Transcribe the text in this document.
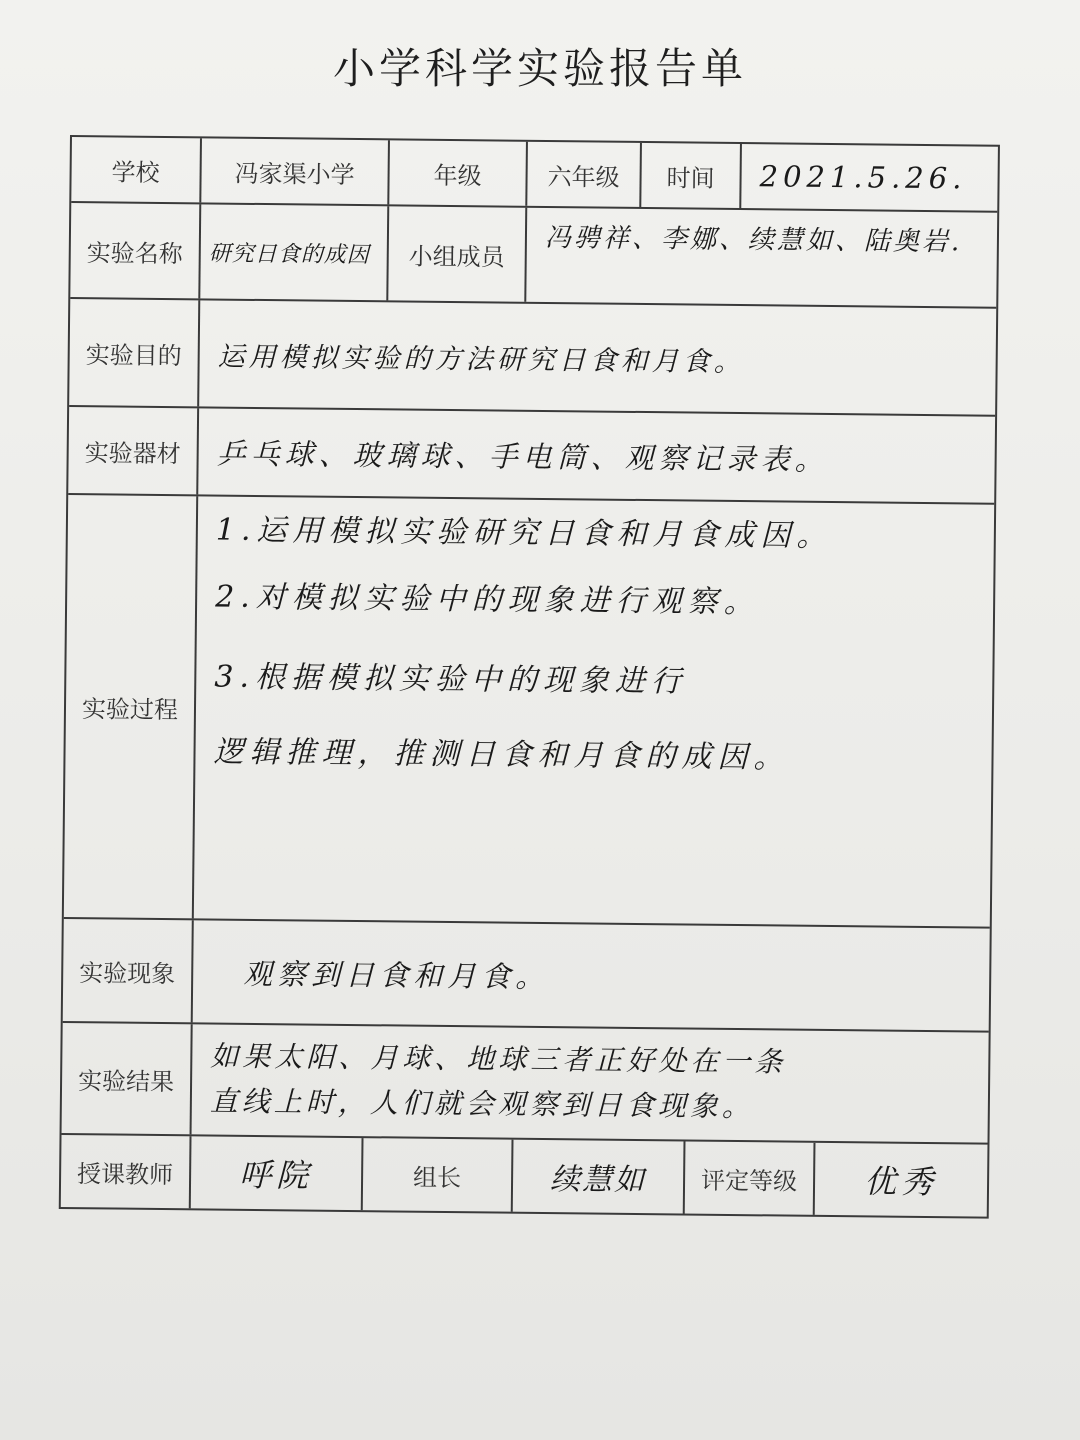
小学科学实验报告单
学校	冯家渠小学	年级	六年级	时间	2021.5.26.
实验名称	研究日食的成因	小组成员	冯骋祥、李娜、续慧如、陆奥岩.
实验目的	运用模拟实验的方法研究日食和月食。
实验器材	乒乓球、玻璃球、手电筒、观察记录表。
实验过程
1.运用模拟实验研究日食和月食成因。
2.对模拟实验中的现象进行观察。
3.根据模拟实验中的现象进行
逻辑推理，推测日食和月食的成因。
实验现象	观察到日食和月食。
实验结果
如果太阳、月球、地球三者正好处在一条
直线上时，人们就会观察到日食现象。
授课教师	呼院	组长	续慧如	评定等级	优秀
